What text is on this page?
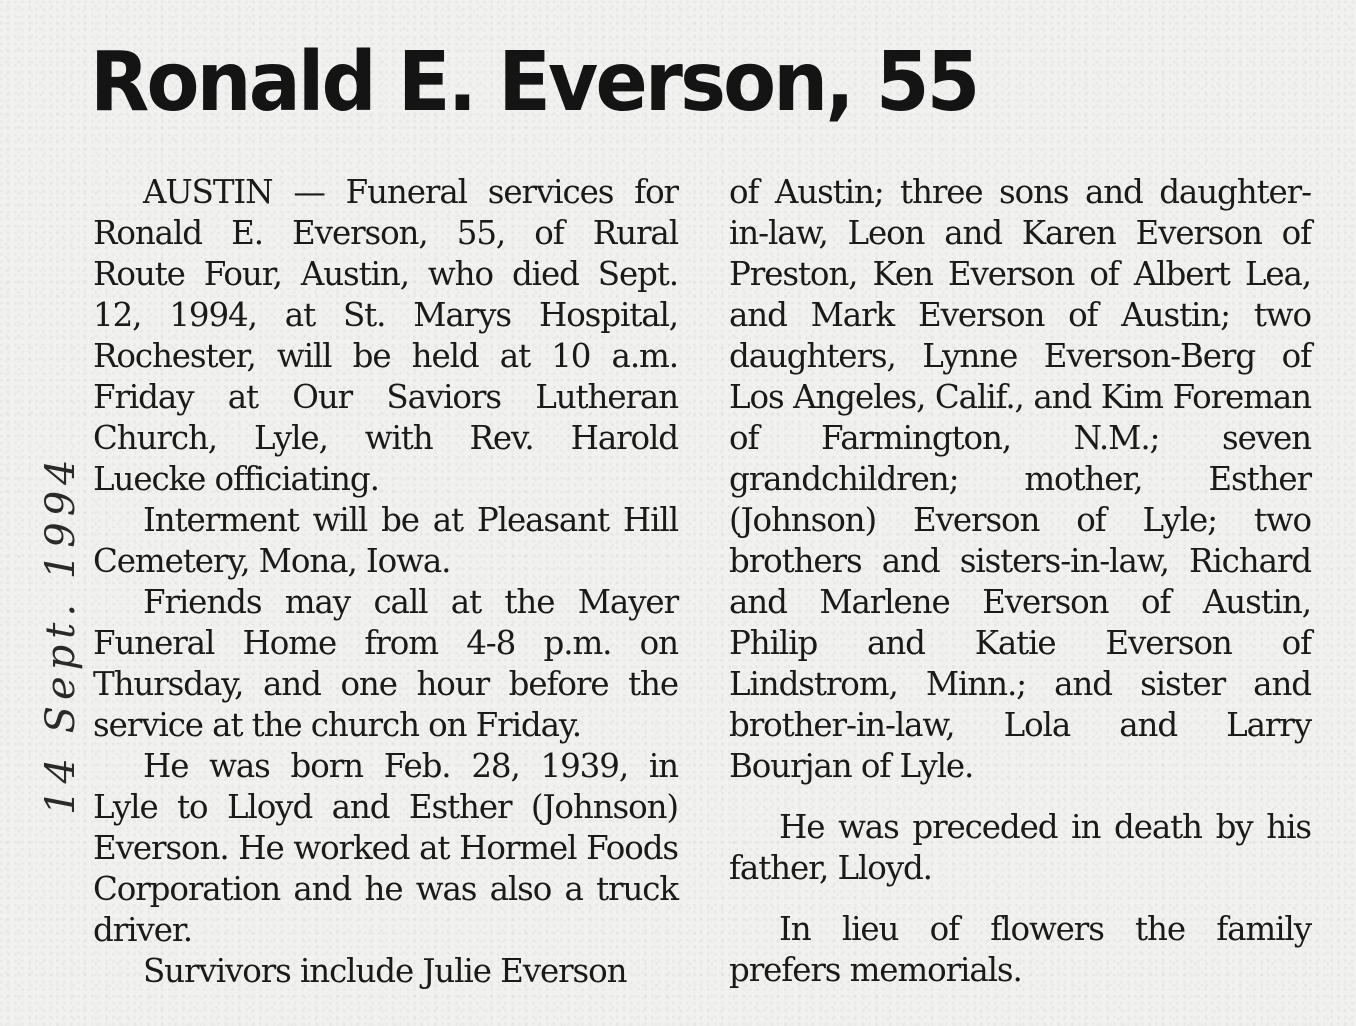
Ronald E. Everson, 55
14 Sept. 1994

AUSTIN — Funeral services for Ronald E. Everson, 55, of Rural Route Four, Austin, who died Sept. 12, 1994, at St. Marys Hospital, Rochester, will be held at 10 a.m. Friday at Our Saviors Lutheran Church, Lyle, with Rev. Harold Luecke officiating.

Interment will be at Pleasant Hill Cemetery, Mona, Iowa.

Friends may call at the Mayer Funeral Home from 4-8 p.m. on Thursday, and one hour before the service at the church on Friday.

He was born Feb. 28, 1939, in Lyle to Lloyd and Esther (Johnson) Everson. He worked at Hormel Foods Corporation and he was also a truck driver.

Survivors include Julie Everson

of Austin; three sons and daughter-in-law, Leon and Karen Everson of Preston, Ken Everson of Albert Lea, and Mark Everson of Austin; two daughters, Lynne Everson-Berg of Los Angeles, Calif., and Kim Foreman of Farmington, N.M.; seven grandchildren; mother, Esther (Johnson) Everson of Lyle; two brothers and sisters-in-law, Richard and Marlene Everson of Austin, Philip and Katie Everson of Lindstrom, Minn.; and sister and brother-in-law, Lola and Larry Bourjan of Lyle.

He was preceded in death by his father, Lloyd.

In lieu of flowers the family prefers memorials.
